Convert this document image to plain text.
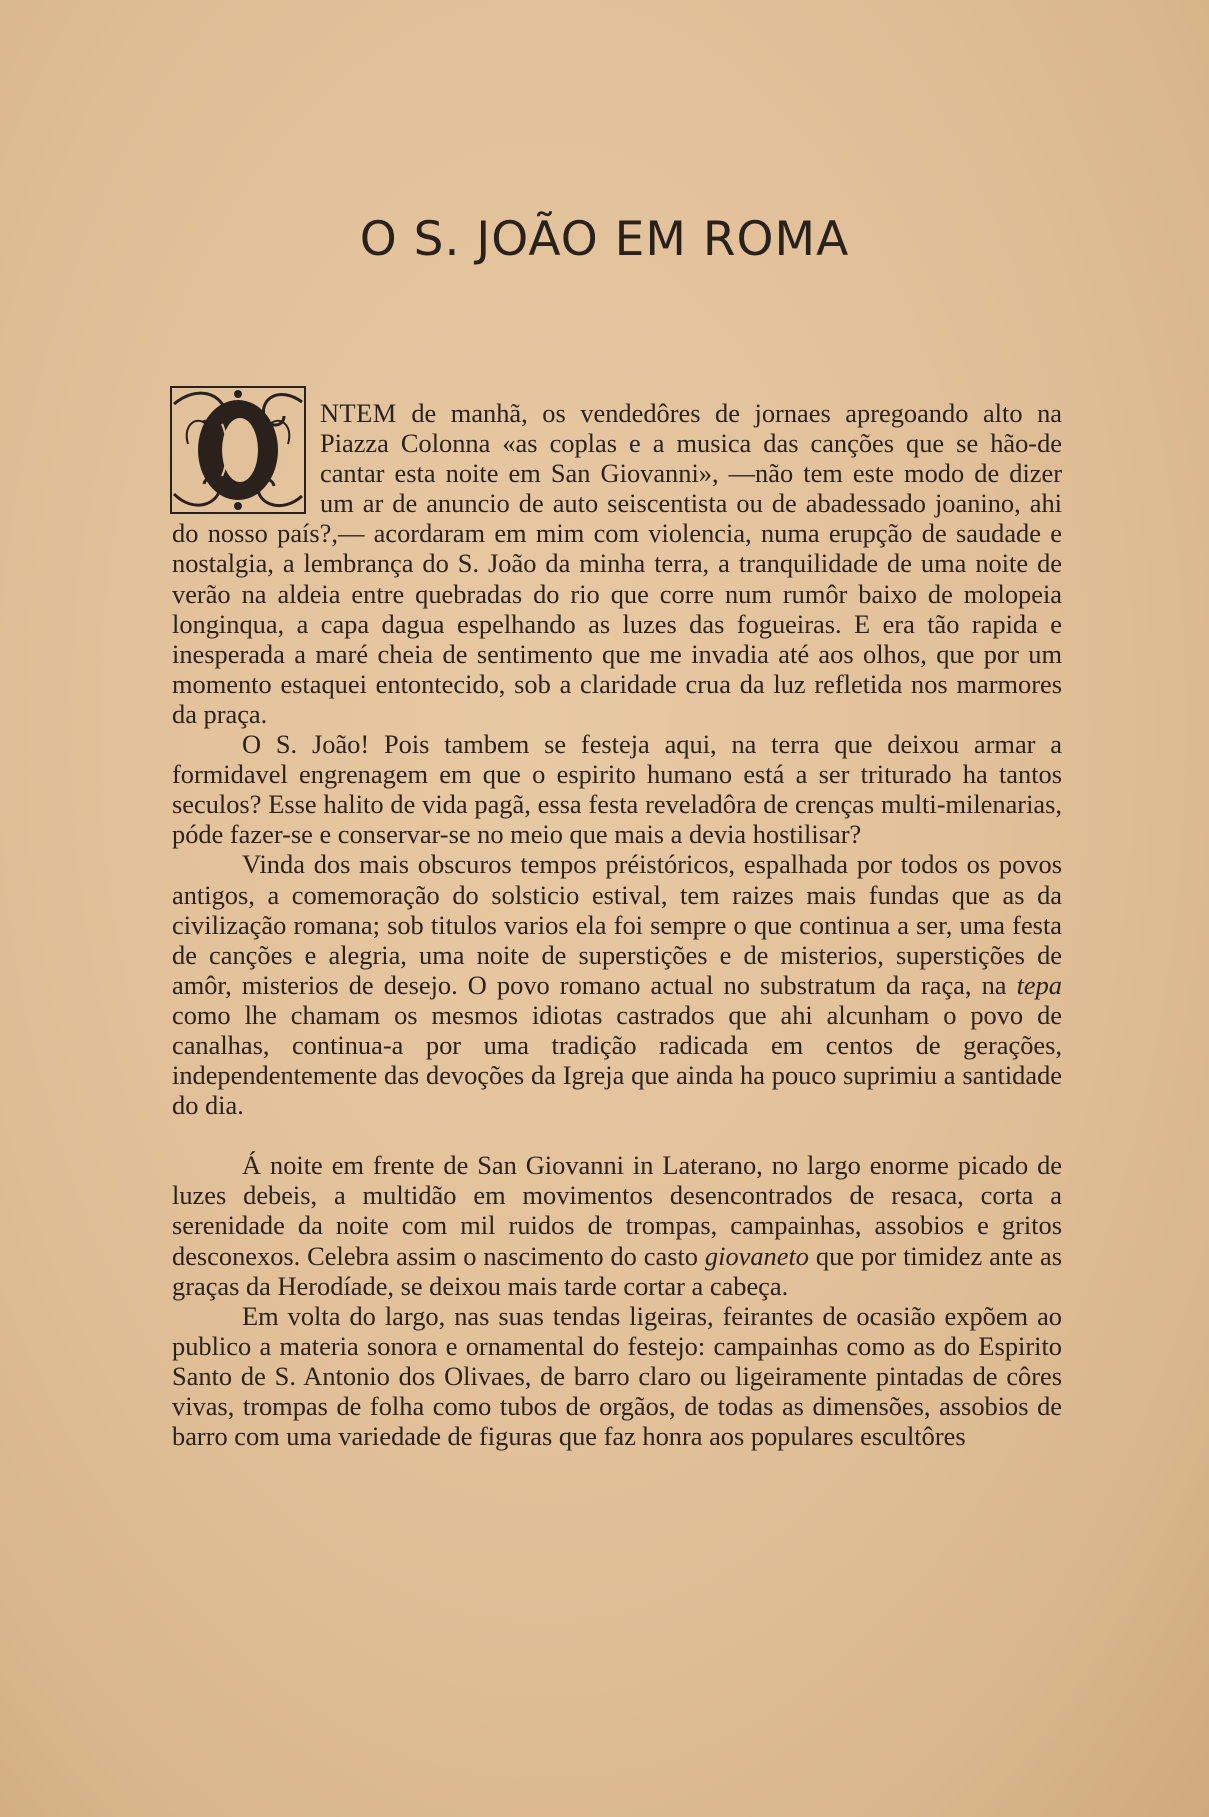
O S. JOÃO EM ROMA

NTEM de manhã, os vendedôres de jornaes apregoando alto na Piazza Colonna «as coplas e a musica das canções que se hão-de cantar esta noite em San Giovanni», —não tem este modo de dizer um ar de anuncio de auto seiscentista ou de abadessado joanino, ahi do nosso país?,— acordaram em mim com violencia, numa erupção de saudade e nostalgia, a lembrança do S. João da minha terra, a tranquilidade de uma noite de verão na aldeia entre quebradas do rio que corre num rumôr baixo de molopeia longinqua, a capa dagua espelhando as luzes das fogueiras. E era tão rapida e inesperada a maré cheia de sentimento que me invadia até aos olhos, que por um momento estaquei entontecido, sob a claridade crua da luz refletida nos marmores da praça.

O S. João! Pois tambem se festeja aqui, na terra que deixou armar a formidavel engrenagem em que o espirito humano está a ser triturado ha tantos seculos? Esse halito de vida pagã, essa festa reveladôra de crenças multi-milenarias, póde fazer-se e conservar-se no meio que mais a devia hostilisar?

Vinda dos mais obscuros tempos préistóricos, espalhada por todos os povos antigos, a comemoração do solsticio estival, tem raizes mais fundas que as da civilização romana; sob titulos varios ela foi sempre o que continua a ser, uma festa de canções e alegria, uma noite de superstições e de misterios, superstições de amôr, misterios de desejo. O povo romano actual no substratum da raça, na tepa como lhe chamam os mesmos idiotas castrados que ahi alcunham o povo de canalhas, continua-a por uma tradição radicada em centos de gerações, independentemente das devoções da Igreja que ainda ha pouco suprimiu a santidade do dia.

Á noite em frente de San Giovanni in Laterano, no largo enorme picado de luzes debeis, a multidão em movimentos desencontrados de resaca, corta a serenidade da noite com mil ruidos de trompas, campainhas, assobios e gritos desconexos. Celebra assim o nascimento do casto giovaneto que por timidez ante as graças da Herodíade, se deixou mais tarde cortar a cabeça.

Em volta do largo, nas suas tendas ligeiras, feirantes de ocasião expõem ao publico a materia sonora e ornamental do festejo: campainhas como as do Espirito Santo de S. Antonio dos Olivaes, de barro claro ou ligeiramente pintadas de côres vivas, trompas de folha como tubos de orgãos, de todas as dimensões, assobios de barro com uma variedade de figuras que faz honra aos populares escultôres
